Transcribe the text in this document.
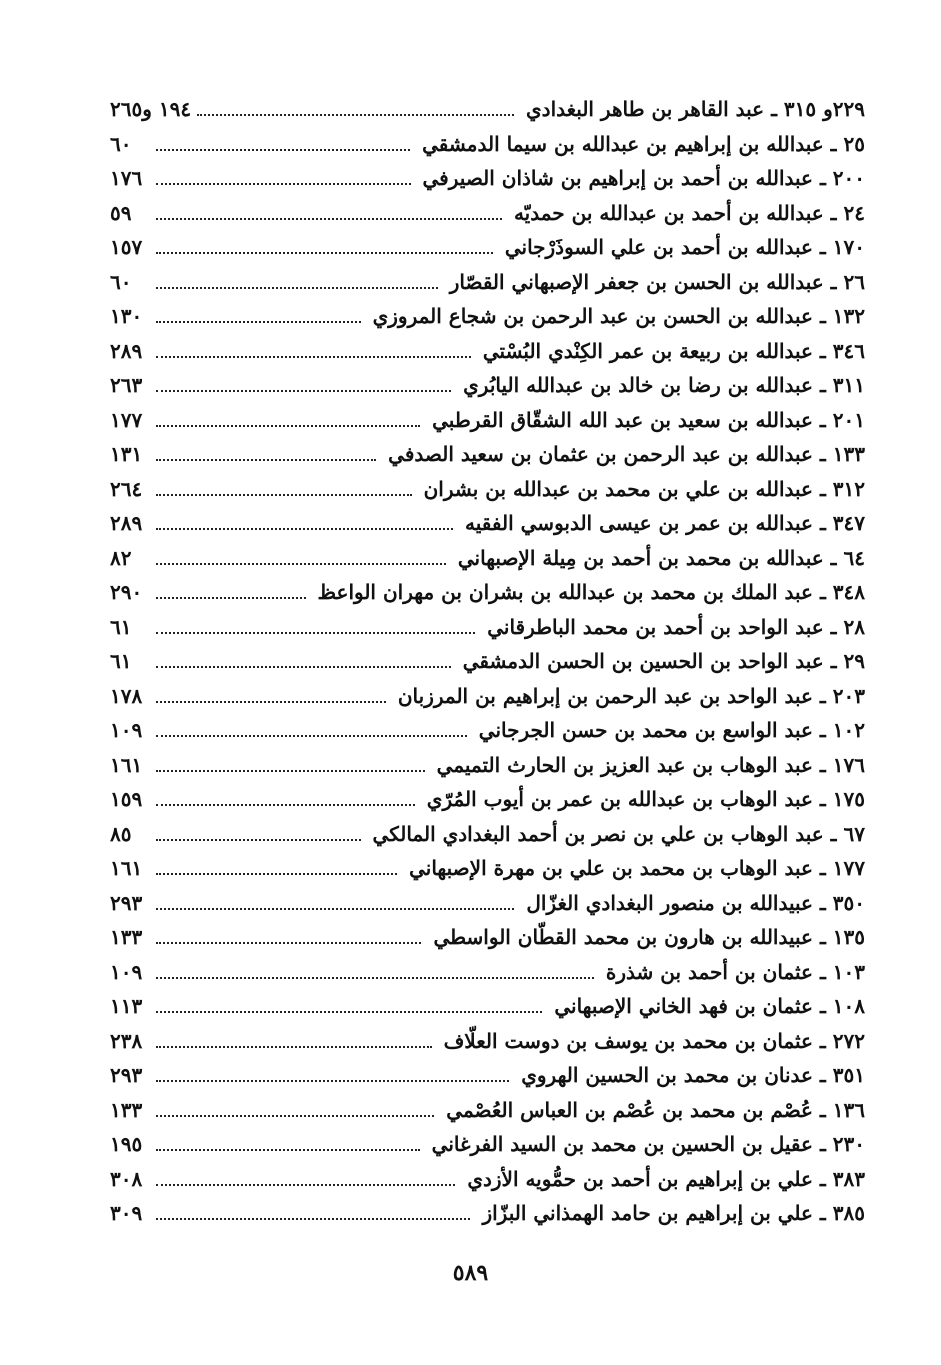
٢٢٩و ٣١٥ ـ عبد القاهر بن طاهر البغدادي
١٩٤ و٢٦٥
٢٥ ـ عبدالله بن إبراهيم بن عبدالله بن سيما الدمشقي
٦٠
٢٠٠ ـ عبدالله بن أحمد بن إبراهيم بن شاذان الصيرفي
١٧٦
٢٤ ـ عبدالله بن أحمد بن عبدالله بن حمديّه
٥٩
١٧٠ ـ عبدالله بن أحمد بن علي السوذَرْجاني
١٥٧
٢٦ ـ عبدالله بن الحسن بن جعفر الإصبهاني القصّار
٦٠
١٣٢ ـ عبدالله بن الحسن بن عبد الرحمن بن شجاع المروزي
١٣٠
٣٤٦ ـ عبدالله بن ربيعة بن عمر الكِنْدي البُسْتي
٢٨٩
٣١١ ـ عبدالله بن رضا بن خالد بن عبدالله اليابُري
٢٦٣
٢٠١ ـ عبدالله بن سعيد بن عبد الله الشقّاق القرطبي
١٧٧
١٣٣ ـ عبدالله بن عبد الرحمن بن عثمان بن سعيد الصدفي
١٣١
٣١٢ ـ عبدالله بن علي بن محمد بن عبدالله بن بشران
٢٦٤
٣٤٧ ـ عبدالله بن عمر بن عيسى الدبوسي الفقيه
٢٨٩
٦٤ ـ عبدالله بن محمد بن أحمد بن مِيلة الإصبهاني
٨٢
٣٤٨ ـ عبد الملك بن محمد بن عبدالله بن بشران بن مهران الواعظ
٢٩٠
٢٨ ـ عبد الواحد بن أحمد بن محمد الباطرقاني
٦١
٢٩ ـ عبد الواحد بن الحسين بن الحسن الدمشقي
٦١
٢٠٣ ـ عبد الواحد بن عبد الرحمن بن إبراهيم بن المرزبان
١٧٨
١٠٢ ـ عبد الواسع بن محمد بن حسن الجرجاني
١٠٩
١٧٦ ـ عبد الوهاب بن عبد العزيز بن الحارث التميمي
١٦١
١٧٥ ـ عبد الوهاب بن عبدالله بن عمر بن أيوب المُرّي
١٥٩
٦٧ ـ عبد الوهاب بن علي بن نصر بن أحمد البغدادي المالكي
٨٥
١٧٧ ـ عبد الوهاب بن محمد بن علي بن مهرة الإصبهاني
١٦١
٣٥٠ ـ عبيدالله بن منصور البغدادي الغزّال
٢٩٣
١٣٥ ـ عبيدالله بن هارون بن محمد القطّان الواسطي
١٣٣
١٠٣ ـ عثمان بن أحمد بن شذرة
١٠٩
١٠٨ ـ عثمان بن فهد الخاني الإصبهاني
١١٣
٢٧٢ ـ عثمان بن محمد بن يوسف بن دوست العلّاف
٢٣٨
٣٥١ ـ عدنان بن محمد بن الحسين الهروي
٢٩٣
١٣٦ ـ عُصْم بن محمد بن عُصْم بن العباس العُصْمي
١٣٣
٢٣٠ ـ عقيل بن الحسين بن محمد بن السيد الفرغاني
١٩٥
٣٨٣ ـ علي بن إبراهيم بن أحمد بن حمُّويه الأزدي
٣٠٨
٣٨٥ ـ علي بن إبراهيم بن حامد الهمذاني البزّاز
٣٠٩
٥٨٩
